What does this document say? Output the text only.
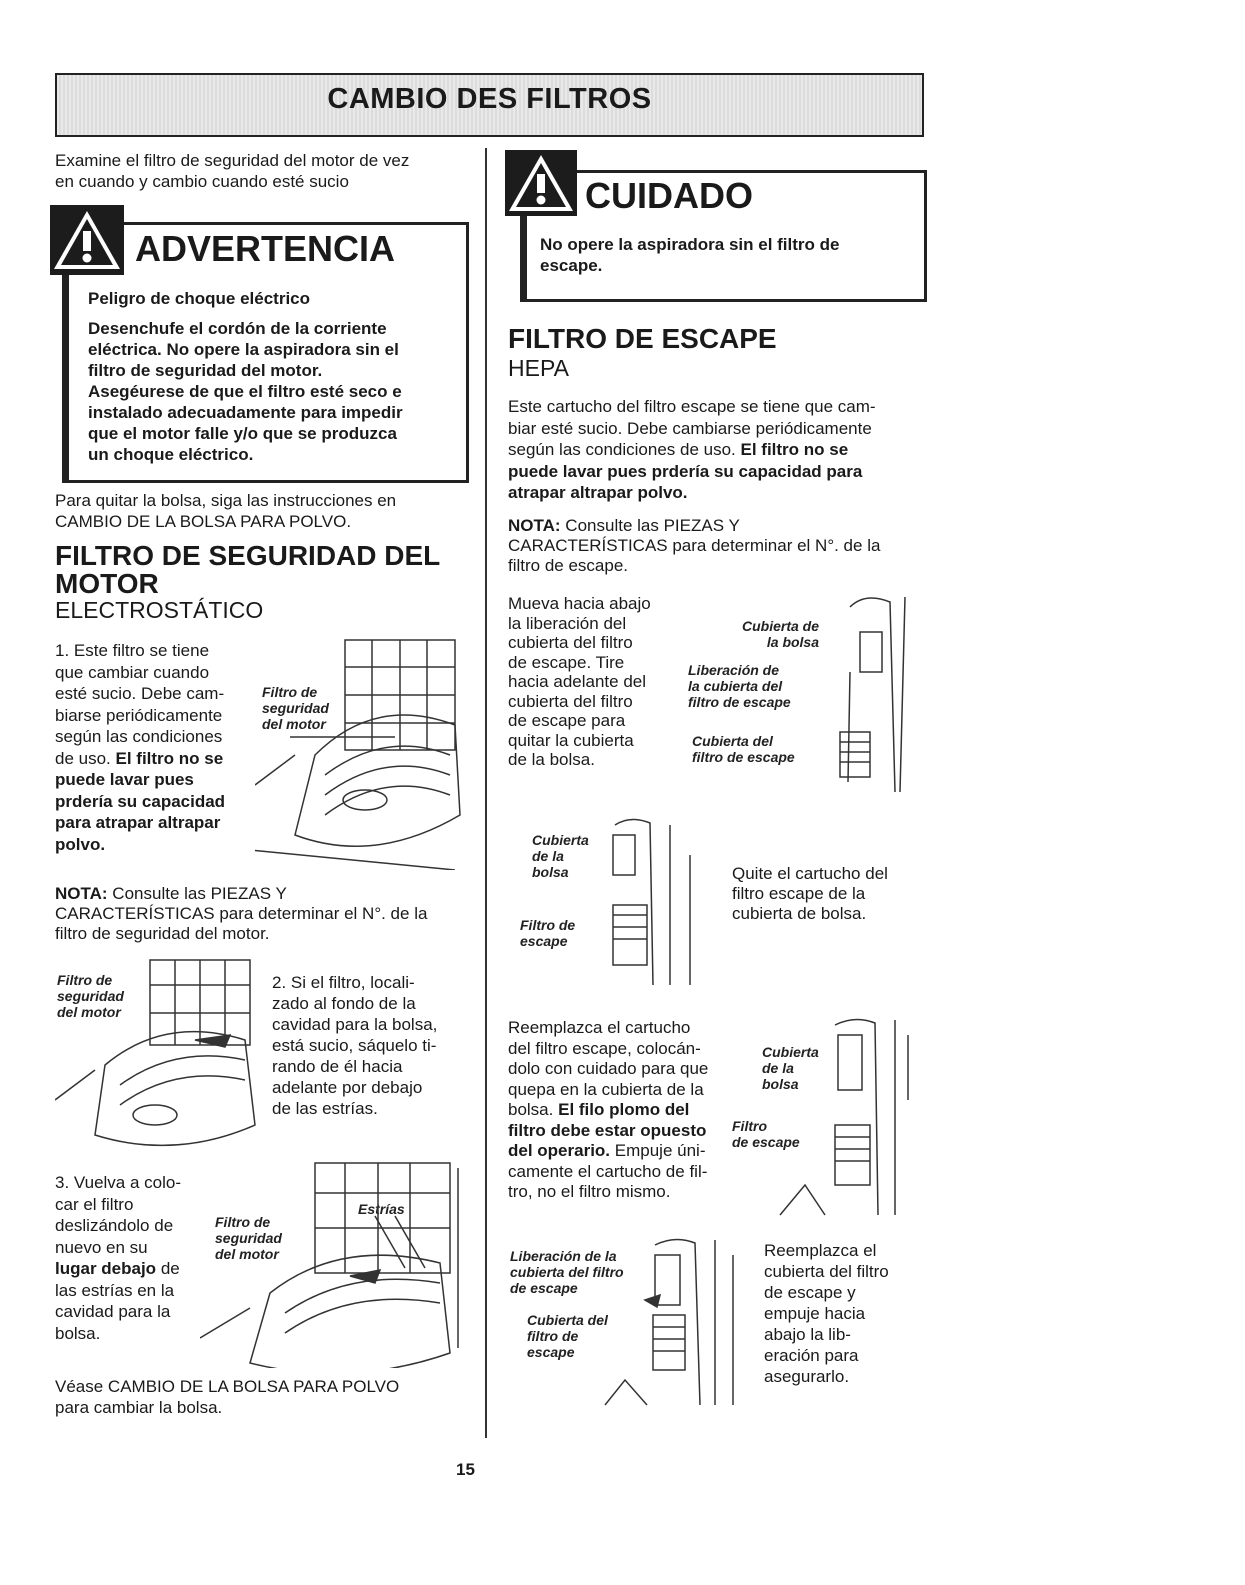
CAMBIO DES FILTROS
Examine el filtro de seguridad del motor de vez
en cuando y cambio cuando esté sucio
ADVERTENCIA
Peligro de choque eléctrico
Desenchufe el cordón de la corriente
eléctrica. No opere la aspiradora sin el
filtro de seguridad del motor.
Asegéurese de que el filtro esté seco e
instalado adecuadamente para impedir
que el motor falle y/o que se produzca
un choque eléctrico.
Para quitar la bolsa, siga las instrucciones en
CAMBIO DE LA BOLSA PARA POLVO.
FILTRO DE SEGURIDAD DEL
MOTOR
ELECTROSTÁTICO
1. Este filtro se tiene
que cambiar cuando
esté sucio. Debe cam-
biarse periódicamente
según las condiciones
de uso. El filtro no se
puede lavar pues
prdería su capacidad
para atrapar altrapar
polvo.
Filtro de
seguridad
del motor
NOTA: Consulte las PIEZAS Y
CARACTERÍSTICAS para determinar el N°. de la
filtro de seguridad del motor.
Filtro de
seguridad
del motor
2. Si el filtro, locali-
zado al fondo de la
cavidad para la bolsa,
está sucio, sáquelo ti-
rando de él hacia
adelante por debajo
de las estrías.
3. Vuelva a colo-
car el filtro
deslizándolo de
nuevo en su
lugar debajo de
las estrías en la
cavidad para la
bolsa.
Filtro de
seguridad
del motor
Estrías
Véase CAMBIO DE LA BOLSA PARA POLVO
para cambiar la bolsa.
CUIDADO
No opere la aspiradora sin el filtro de
escape.
FILTRO DE ESCAPE
HEPA
Este cartucho del filtro escape se tiene que cam-
biar esté sucio. Debe cambiarse periódicamente
según las condiciones de uso. El filtro no se
puede lavar pues prdería su capacidad para
atrapar altrapar polvo.
NOTA: Consulte las PIEZAS Y
CARACTERÍSTICAS para determinar el N°. de la
filtro de escape.
Mueva hacia abajo
la liberación del
cubierta del filtro
de escape. Tire
hacia adelante del
cubierta del filtro
de escape para
quitar la cubierta
de la bolsa.
Cubierta de
la bolsa
Liberación de
la cubierta del
filtro de escape
Cubierta del
filtro de escape
Cubierta
de la
bolsa
Filtro de
escape
Quite el cartucho del
filtro escape de la
cubierta de bolsa.
Reemplazca el cartucho
del filtro escape, colocán-
dolo con cuidado para que
quepa en la cubierta de la
bolsa. El filo plomo del
filtro debe estar opuesto
del operario. Empuje úni-
camente el cartucho de fil-
tro, no el filtro mismo.
Cubierta
de la
bolsa
Filtro
de escape
Liberación de la
cubierta del filtro
de escape
Cubierta del
filtro de
escape
Reemplazca el
cubierta del filtro
de escape y
empuje hacia
abajo la lib-
eración para
asegurarlo.
15
